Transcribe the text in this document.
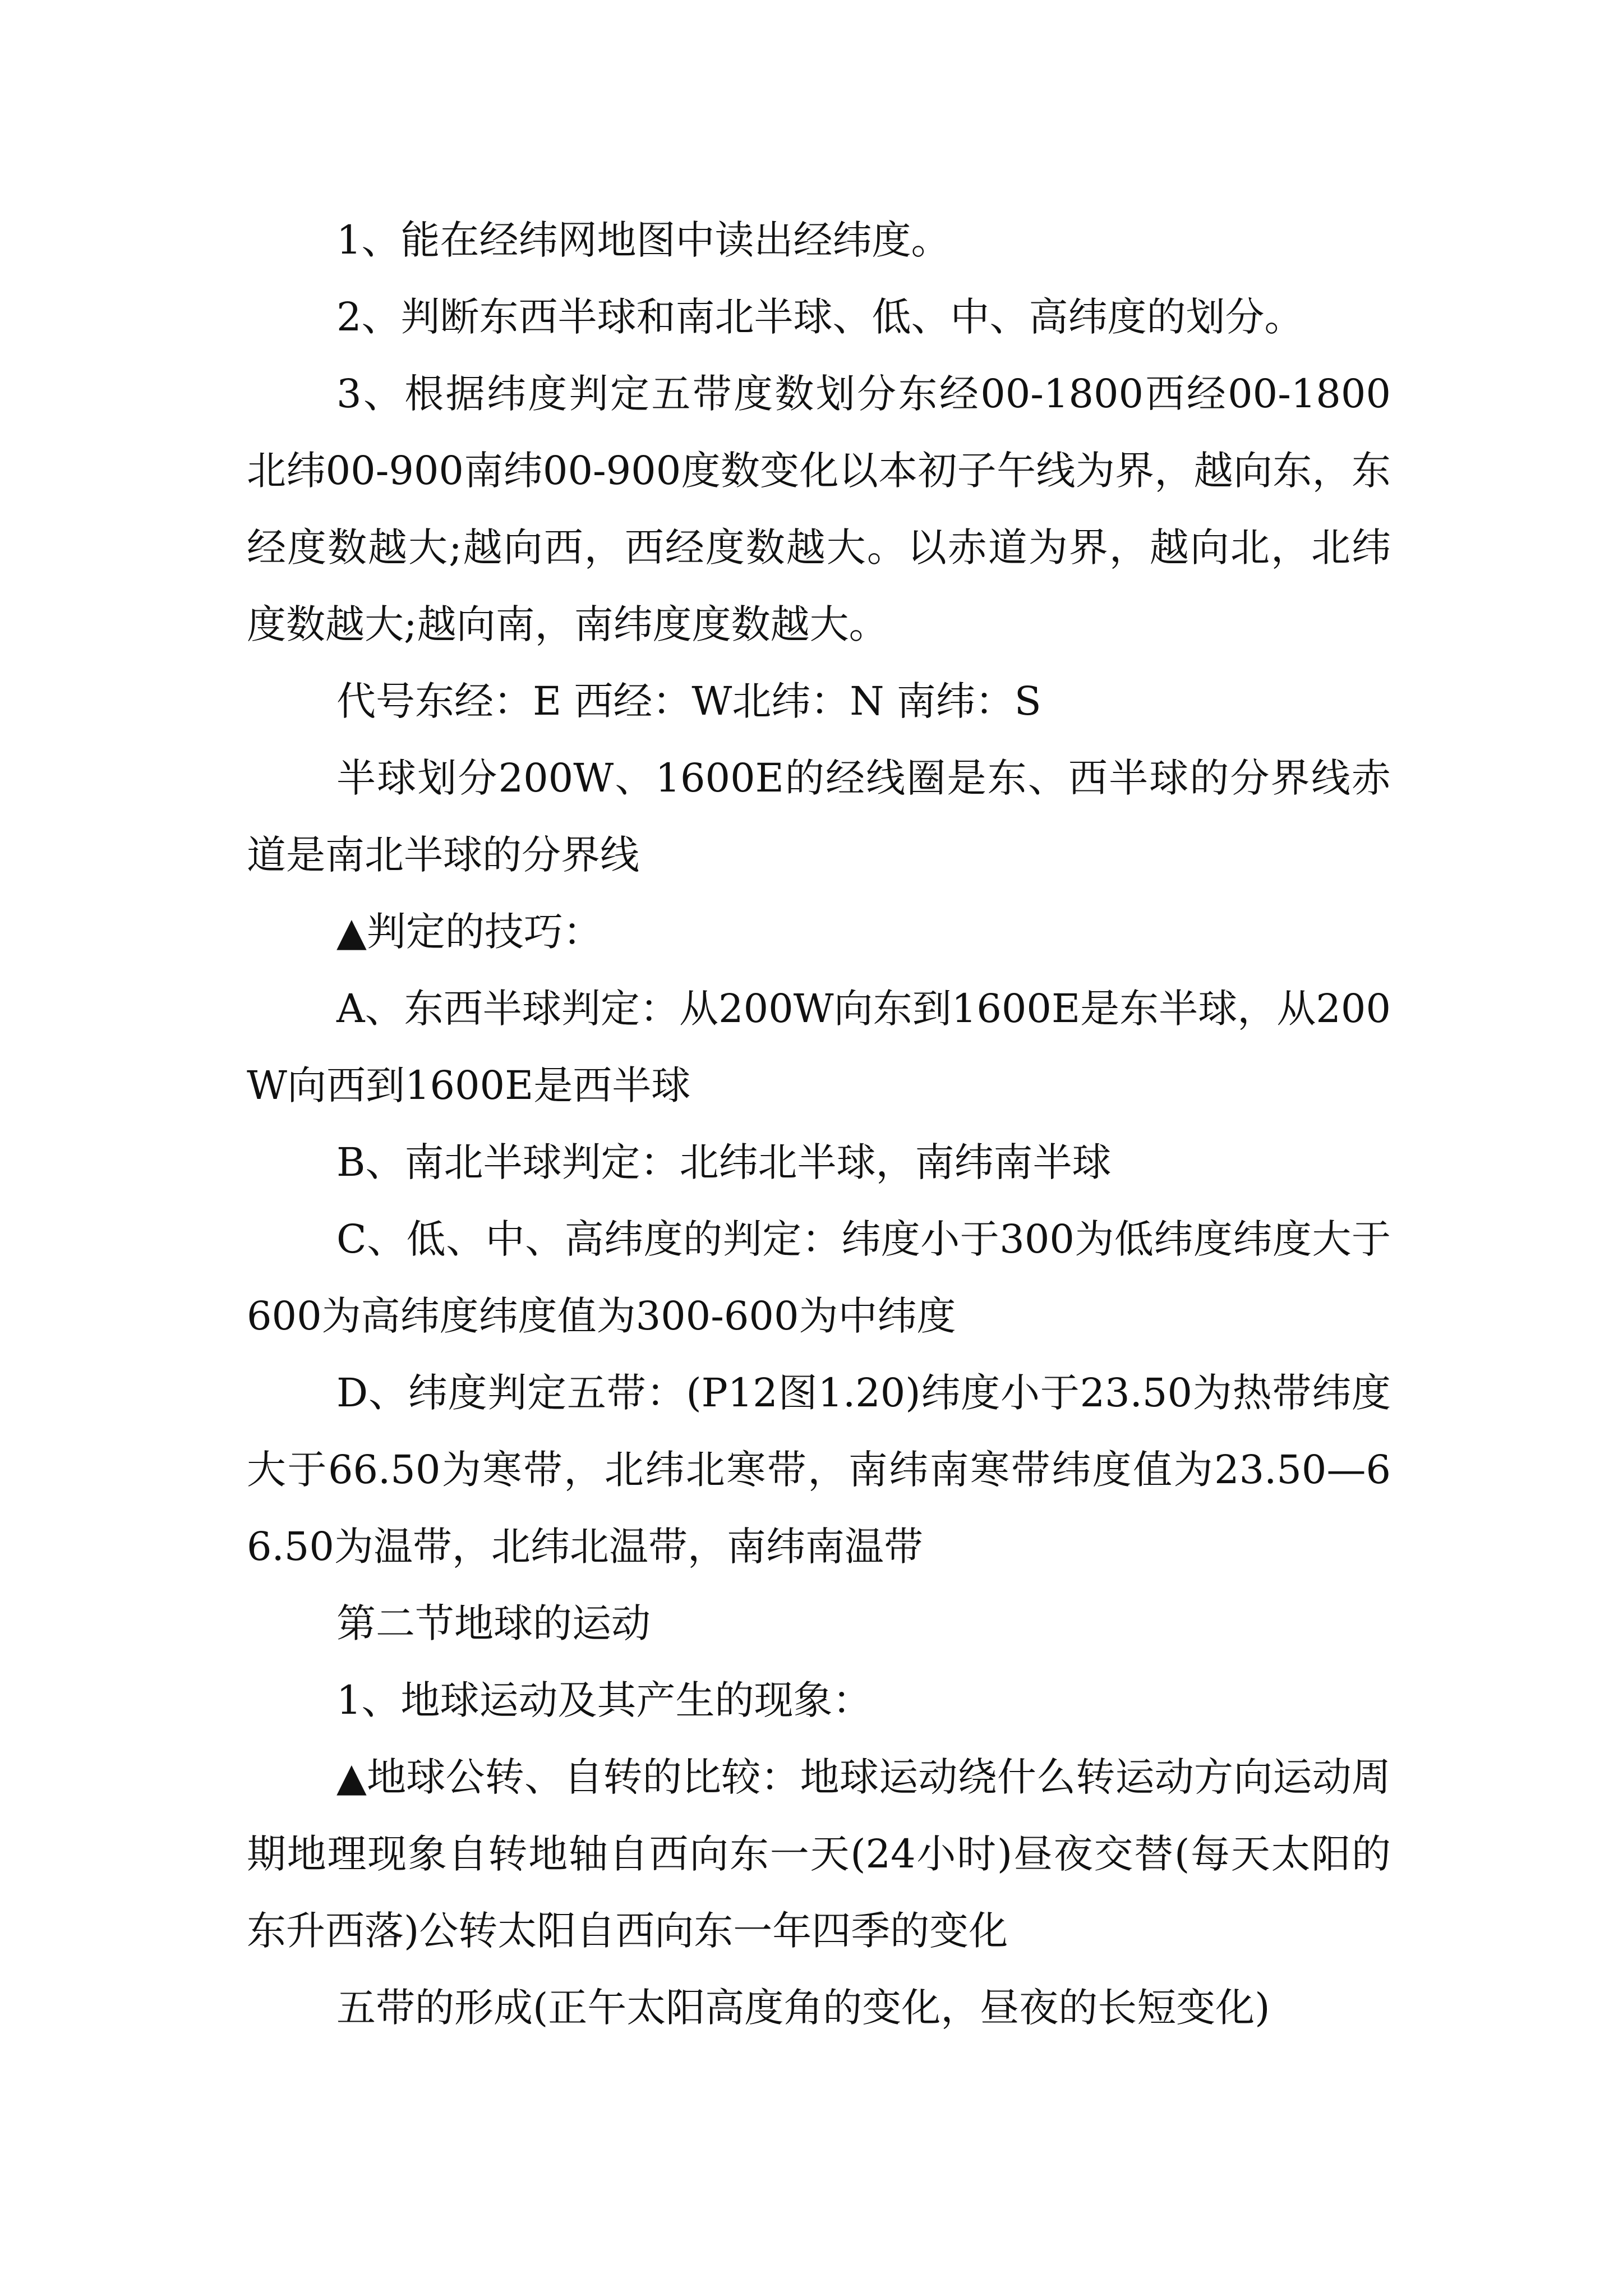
1、能在经纬网地图中读出经纬度。

2、判断东西半球和南北半球、低、中、高纬度的划分。

3、根据纬度判定五带度数划分东经00-1800西经00-1800北纬00-900南纬00-900度数变化以本初子午线为界，越向东，东经度数越大;越向西，西经度数越大。以赤道为界，越向北，北纬度数越大;越向南，南纬度度数越大。

代号东经：E 西经：W北纬：N 南纬：S

半球划分200W、1600E的经线圈是东、西半球的分界线赤道是南北半球的分界线

▲判定的技巧：

A、东西半球判定：从200W向东到1600E是东半球，从200W向西到1600E是西半球

B、南北半球判定：北纬北半球，南纬南半球

C、低、中、高纬度的判定：纬度小于300为低纬度纬度大于600为高纬度纬度值为300-600为中纬度

D、纬度判定五带：(P12图1.20)纬度小于23.50为热带纬度大于66.50为寒带，北纬北寒带，南纬南寒带纬度值为23.50—66.50为温带，北纬北温带，南纬南温带

第二节地球的运动

1、地球运动及其产生的现象：

▲地球公转、自转的比较：地球运动绕什么转运动方向运动周期地理现象自转地轴自西向东一天(24小时)昼夜交替(每天太阳的东升西落)公转太阳自西向东一年四季的变化

五带的形成(正午太阳高度角的变化，昼夜的长短变化)
